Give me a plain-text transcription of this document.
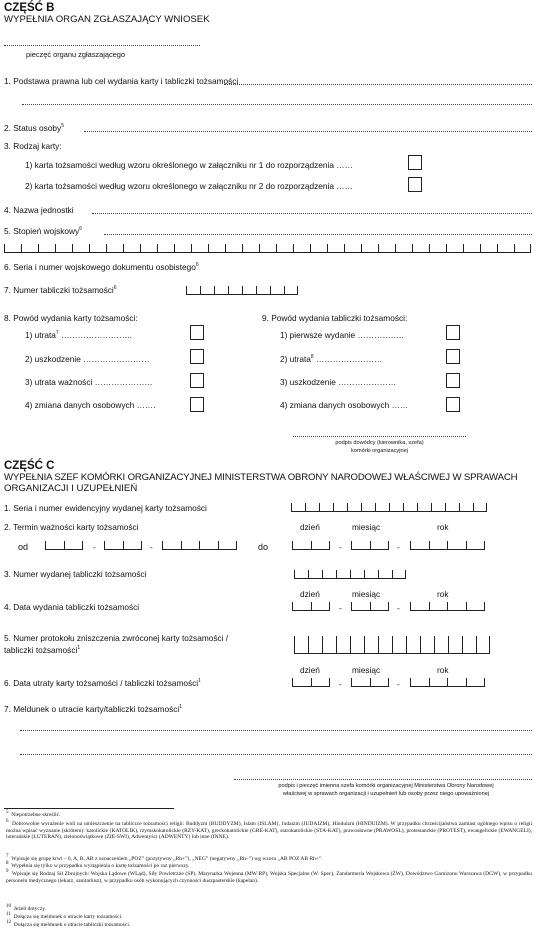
CZĘŚĆ B
WYPEŁNIA ORGAN ZGŁASZAJĄCY WNIOSEK
pieczęć organu zgłaszającego
1. Podstawa prawna lub cel wydania karty i tabliczki tożsamości
2. Status osoby$^5$
3. Rodzaj karty:
1) karta tożsamości według wzoru określonego w załączniku nr 1 do rozporządzenia ……
2) karta tożsamości według wzoru określonego w załączniku nr 2 do rozporządzenia ……
4. Nazwa jednostki
5. Stopień wojskowy$^6$
6. Seria i numer wojskowego dokumentu osobistego$^6$
7. Numer tabliczki tożsamości$^6$
8. Powód wydania karty tożsamości:
1) utrata$^7$ ……………………..
2) uszkodzenie ……………………
3) utrata ważności …………………
4) zmiana danych osobowych …….
9. Powód wydania tabliczki tożsamości:
1) pierwsze wydanie ……………..
2) utrata$^8$ ……………………
3) uszkodzenie …………………
4) zmiana danych osobowych ……
podpis dowódcy (kierownika, szefa)
komórki organizacyjnej
CZĘŚĆ C
WYPEŁNIA SZEF KOMÓRKI ORGANIZACYJNEJ MINISTERSTWA OBRONY NARODOWEJ WŁAŚCIWEJ W SPRAWACH
ORGANIZACJI I UZUPEŁNIEŃ
1. Seria i numer ewidencyjny wydanej karty tożsamości
2. Termin ważności karty tożsamości	dzień	miesiąc	rok
od	-	-	do	-	-
3. Numer wydanej tabliczki tożsamości
dzień	miesiąc	rok
4. Data wydania tabliczki tożsamości	-	-
5. Numer protokołu zniszczenia zwróconej karty tożsamości /
tabliczki tożsamości$^1$
dzień	miesiąc	rok
6. Data utraty karty tożsamości / tabliczki tożsamości$^1$	-	-
7. Meldunek o utracie karty/tabliczki tożsamości$^1$
podpis i pieczęć imienna szefa komórki organizacyjnej Ministerstwa Obrony Narodowej
właściwej w sprawach organizacji i uzupełnień lub osoby przez niego upoważnionej
$^5$ Niepotrzebne skreślić.
$^6$ Dobrowolne wyrażenie woli na umieszczenie na tabliczce tożsamości religii: Buddyzm (BUDDYZM), Islam (ISLAM), Judaizm (JUDAIZM), Hinduizm (HINDUIZM). W przypadku chrześcijaństwa zamiast ogólnego wpisu o religii można wpisać wyznanie (skrótem): katolickie (KATOLIK), rzymskokatolickie (RZY-KAT), greckokatolickie (GRE-KAT), starokatolickie (STA-KAT), prawosławne (PRAWOSL), protestanckie (PROTEST), ewangelickie (EWANGELI), luterańskie (LUTERAN), zielonoświątkowe (ZIE-SWI), Adwentyści (ADWENTY) lub inne (INNE).
$^7$ Wpisuje się grupę krwi – 0, A, B, AB z oznaczeniem „POZ” (pozytywny „Rh+”), „NEG” (negatywny „Rh–”) wg wzoru „AB POZ AB Rh+”.
$^8$ Wypełnia się tylko w przypadku wystąpienia o kartę tożsamości po raz pierwszy.
$^9$ Wpisuje się Rodzaj Sił Zbrojnych: Wojska Lądowe (WLąd), Siły Powietrzne (SP), Marynarka Wojenna (MW RP), Wojska Specjalne (W. Spec), Żandarmeria Wojskowa (ŻW), Dowództwo Garnizonu Warszawa (DGW), w przypadku personelu medycznego (lekarz, sanitariusz), w przypadku osób wykonujących czynności duszpasterskie (kapelan).
$^{10}$ Jeżeli dotyczy.
$^{11}$ Dołącza się meldunek o utracie karty tożsamości.
$^{12}$ Dołącza się meldunek o utracie tabliczki tożsamości.
